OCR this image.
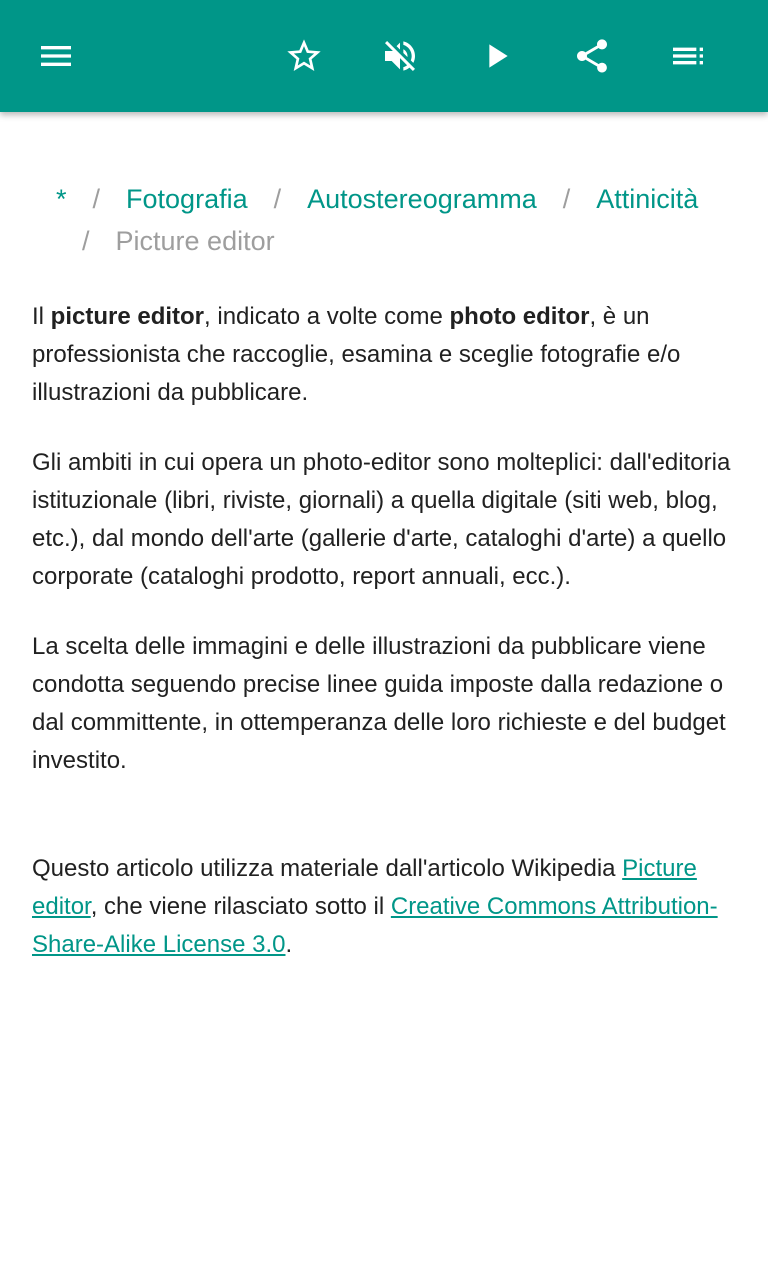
* / Fotografia / Autostereogramma / Attinicità/ Picture editor

Il picture editor, indicato a volte come photo editor, è un professionista che raccoglie, esamina e sceglie fotografie e/o illustrazioni da pubblicare.

Gli ambiti in cui opera un photo-editor sono molteplici: dall'editoria istituzionale (libri, riviste, giornali) a quella digitale (siti web, blog, etc.), dal mondo dell'arte (gallerie d'arte, cataloghi d'arte) a quello corporate (cataloghi prodotto, report annuali, ecc.).

La scelta delle immagini e delle illustrazioni da pubblicare viene condotta seguendo precise linee guida imposte dalla redazione o dal committente, in ottemperanza delle loro richieste e del budget investito.

Questo articolo utilizza materiale dall'articolo Wikipedia Picture editor, che viene rilasciato sotto il Creative Commons Attribution-Share-Alike License 3.0.
